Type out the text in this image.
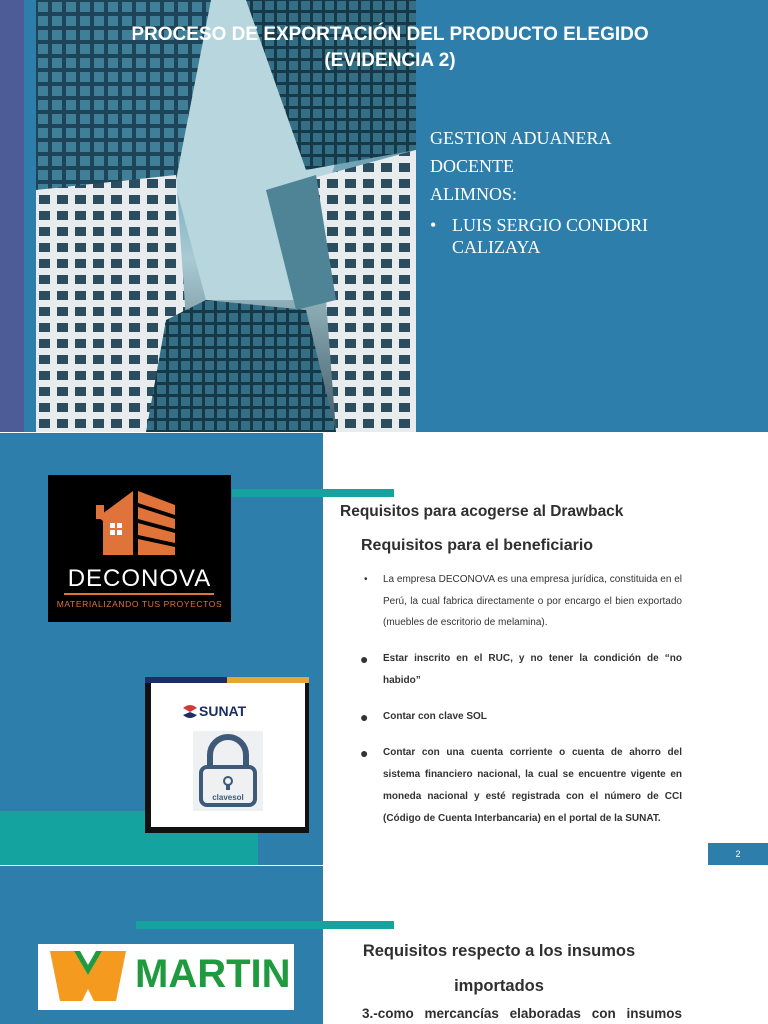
PROCESO DE EXPORTACIÓN DEL PRODUCTO ELEGIDO
(EVIDENCIA 2)
GESTION ADUANERA
DOCENTE
ALIMNOS:
• LUIS SERGIO CONDORI
CALIZAYA
DECONOVA
MATERIALIZANDO TUS PROYECTOS
SUNAT
clavesol
Requisitos para acogerse al Drawback
Requisitos para el beneficiario
•	La empresa DECONOVA es una empresa jurídica, constituida en el Perú, la cual fabrica directamente o por encargo el bien exportado (muebles de escritorio de melamina).
●	Estar inscrito en el RUC, y no tener la condición de “no habido”
●	Contar con clave SOL
●	Contar con una cuenta corriente o cuenta de ahorro del sistema financiero nacional, la cual se encuentre vigente en moneda nacional y esté registrada con el número de CCI (Código de Cuenta Interbancaria) en el portal de la SUNAT.
2
MARTIN
Requisitos respecto a los insumos
importados
3.-como mercancías elaboradas con insumos
